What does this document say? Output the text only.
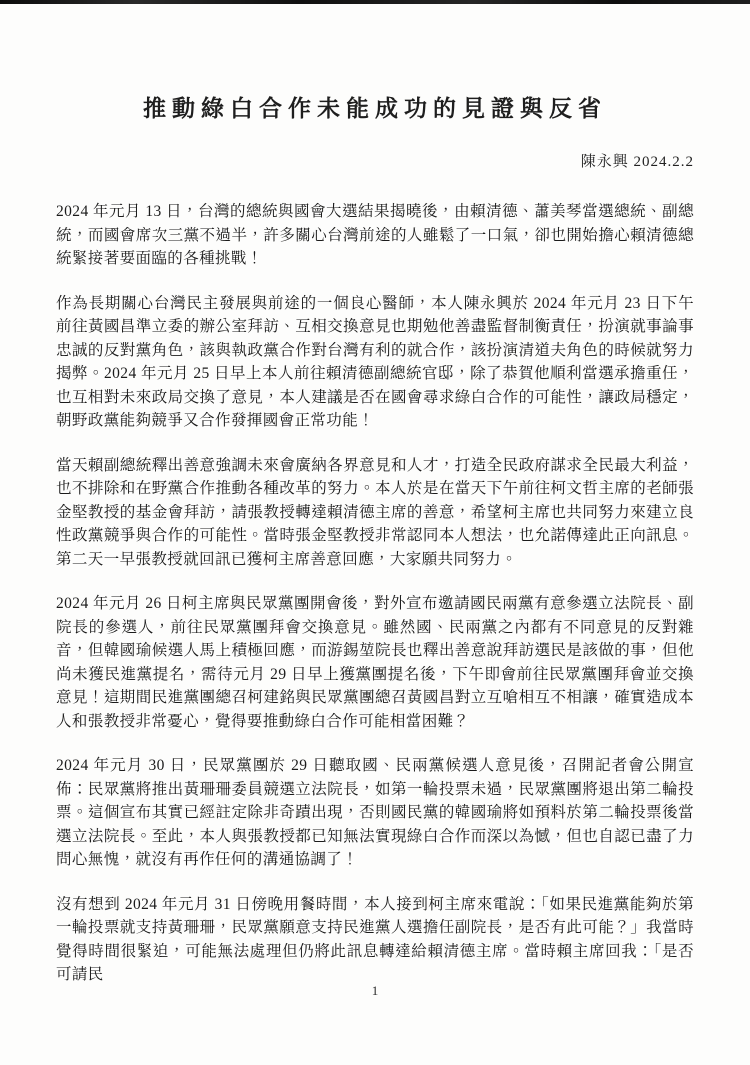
推動綠白合作未能成功的見證與反省
陳永興 2024.2.2

2024 年元月 13 日，台灣的總統與國會大選結果揭曉後，由賴清德、蕭美琴當選總統、副總統，而國會席次三黨不過半，許多關心台灣前途的人雖鬆了一口氣，卻也開始擔心賴清德總統緊接著要面臨的各種挑戰！

作為長期關心台灣民主發展與前途的一個良心醫師，本人陳永興於 2024 年元月 23 日下午前往黃國昌準立委的辦公室拜訪、互相交換意見也期勉他善盡監督制衡責任，扮演就事論事忠誠的反對黨角色，該與執政黨合作對台灣有利的就合作，該扮演清道夫角色的時候就努力揭弊。2024 年元月 25 日早上本人前往賴清德副總統官邸，除了恭賀他順利當選承擔重任，也互相對未來政局交換了意見，本人建議是否在國會尋求綠白合作的可能性，讓政局穩定，朝野政黨能夠競爭又合作發揮國會正常功能！

當天賴副總統釋出善意強調未來會廣納各界意見和人才，打造全民政府謀求全民最大利益，也不排除和在野黨合作推動各種改革的努力。本人於是在當天下午前往柯文哲主席的老師張金堅教授的基金會拜訪，請張教授轉達賴清德主席的善意，希望柯主席也共同努力來建立良性政黨競爭與合作的可能性。當時張金堅教授非常認同本人想法，也允諾傳達此正向訊息。第二天一早張教授就回訊已獲柯主席善意回應，大家願共同努力。

2024 年元月 26 日柯主席與民眾黨團開會後，對外宣布邀請國民兩黨有意參選立法院長、副院長的參選人，前往民眾黨團拜會交換意見。雖然國、民兩黨之內都有不同意見的反對雜音，但韓國瑜候選人馬上積極回應，而游錫堃院長也釋出善意說拜訪選民是該做的事，但他尚未獲民進黨提名，需待元月 29 日早上獲黨團提名後，下午即會前往民眾黨團拜會並交換意見！這期間民進黨團總召柯建銘與民眾黨團總召黃國昌對立互嗆相互不相讓，確實造成本人和張教授非常憂心，覺得要推動綠白合作可能相當困難？

2024 年元月 30 日，民眾黨團於 29 日聽取國、民兩黨候選人意見後，召開記者會公開宣佈：民眾黨將推出黃珊珊委員競選立法院長，如第一輪投票未過，民眾黨團將退出第二輪投票。這個宣布其實已經註定除非奇蹟出現，否則國民黨的韓國瑜將如預料於第二輪投票後當選立法院長。至此，本人與張教授都已知無法實現綠白合作而深以為憾，但也自認已盡了力問心無愧，就沒有再作任何的溝通協調了！

沒有想到 2024 年元月 31 日傍晚用餐時間，本人接到柯主席來電說：「如果民進黨能夠於第一輪投票就支持黃珊珊，民眾黨願意支持民進黨人選擔任副院長，是否有此可能？」我當時覺得時間很緊迫，可能無法處理但仍將此訊息轉達給賴清德主席。當時賴主席回我：「是否可請民

1
